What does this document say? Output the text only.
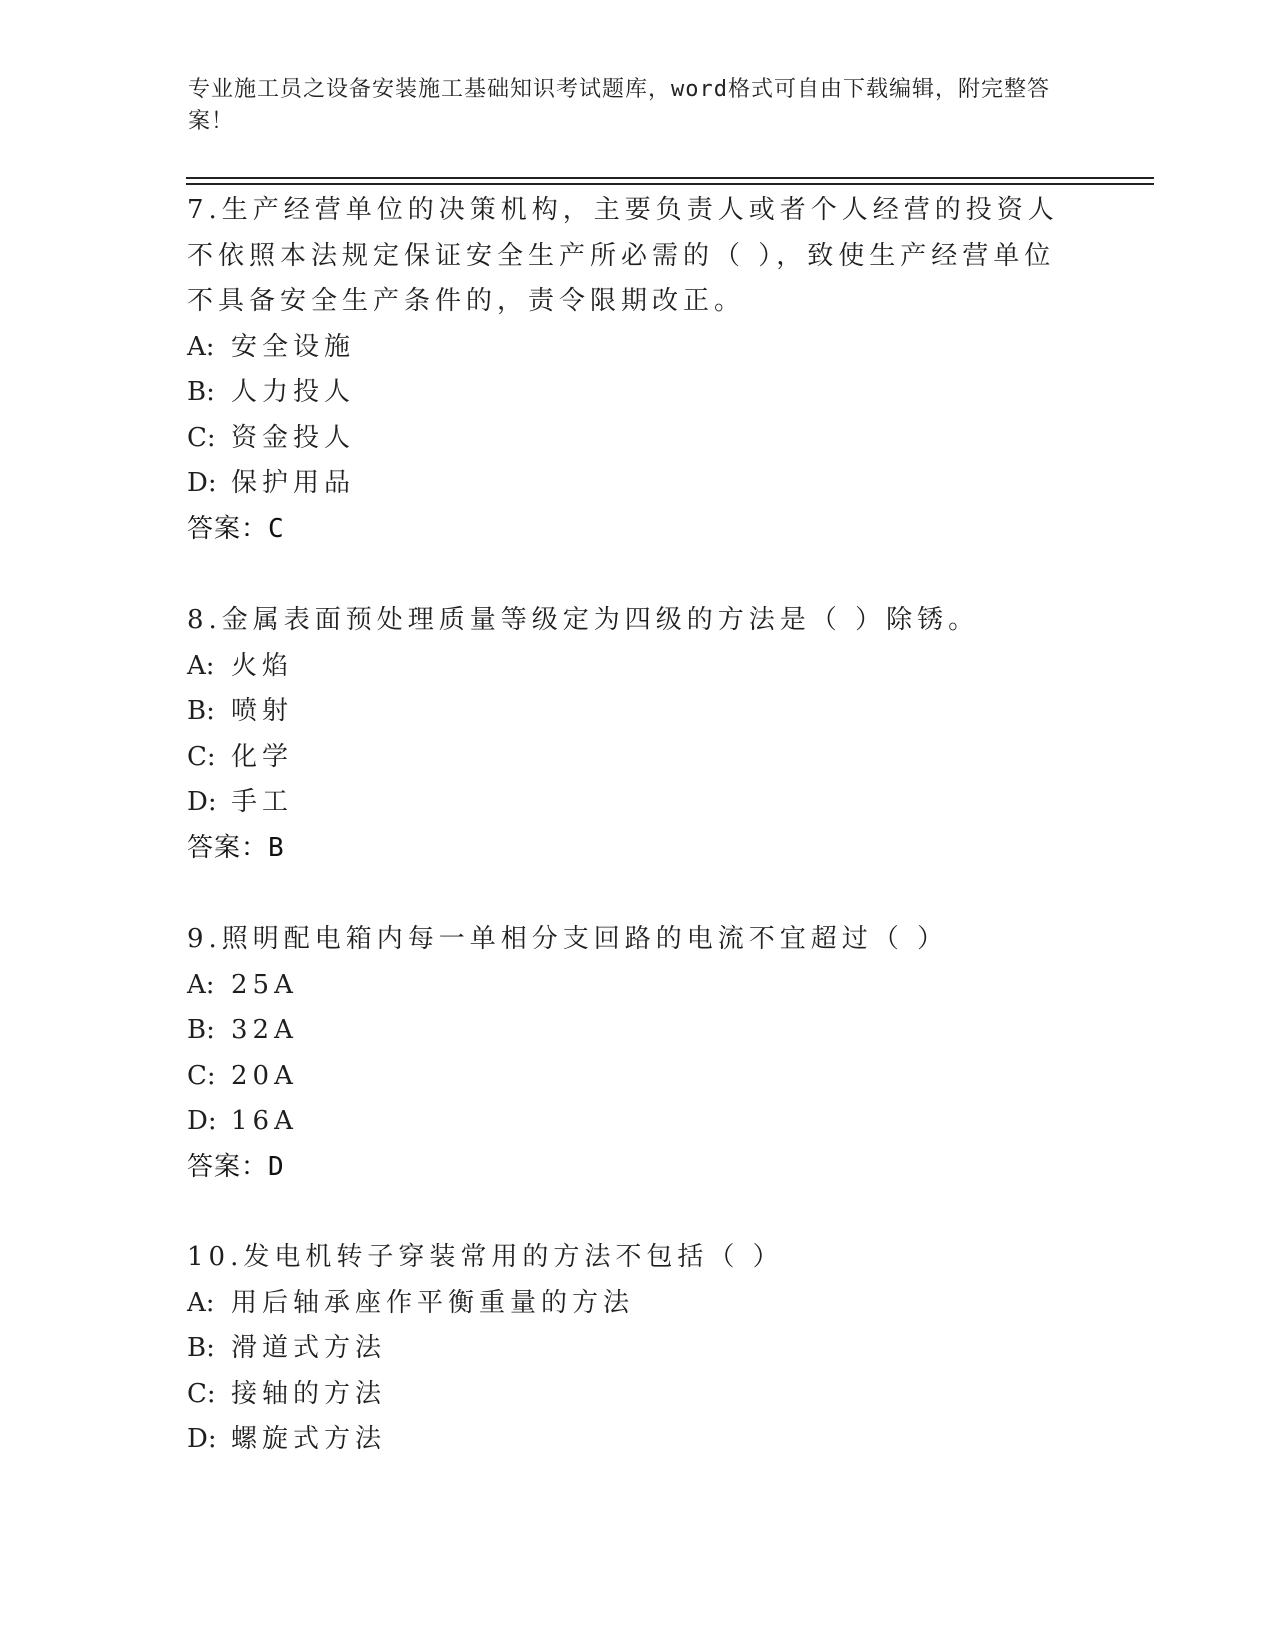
专业施工员之设备安装施工基础知识考试题库，word格式可自由下载编辑，附完整答案！
7.生产经营单位的决策机构，主要负责人或者个人经营的投资人不依照本法规定保证安全生产所必需的（ ），致使生产经营单位不具备安全生产条件的，责令限期改正。
A: 安全设施
B: 人力投人
C: 资金投人
D: 保护用品
答案：C
8.金属表面预处理质量等级定为四级的方法是（ ）除锈。
A: 火焰
B: 喷射
C: 化学
D: 手工
答案：B
9.照明配电箱内每一单相分支回路的电流不宜超过（ ）
A: 25A
B: 32A
C: 20A
D: 16A
答案：D
10.发电机转子穿装常用的方法不包括（ ）
A: 用后轴承座作平衡重量的方法
B: 滑道式方法
C: 接轴的方法
D: 螺旋式方法
